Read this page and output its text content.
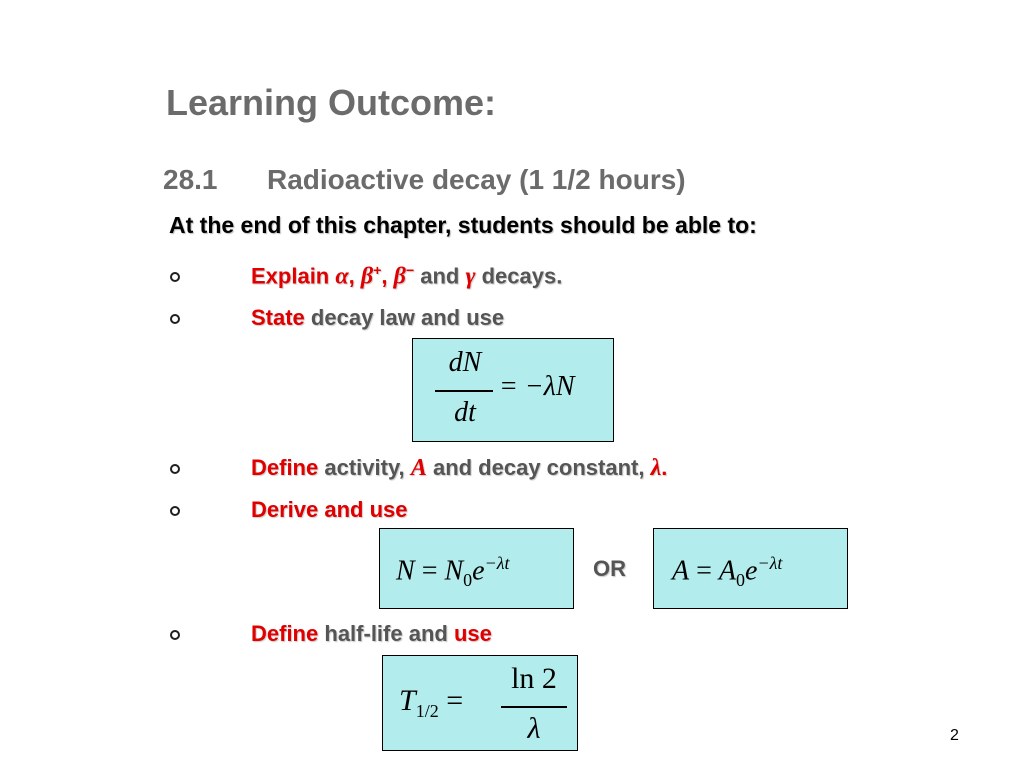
Learning Outcome:
28.1 Radioactive decay (1 1/2 hours)
At the end of this chapter, students should be able to:
Explain α, β+, β− and γ decays.
State decay law and use
dN
dt
= −λN
Define activity, A and decay constant, λ.
Derive and use
$N = N_0e^{-\lambda t}$	OR $A = A_0e^{-\lambda t}$
Define half-life and use
$T_{1/2}$ =
ln 2
λ	2
